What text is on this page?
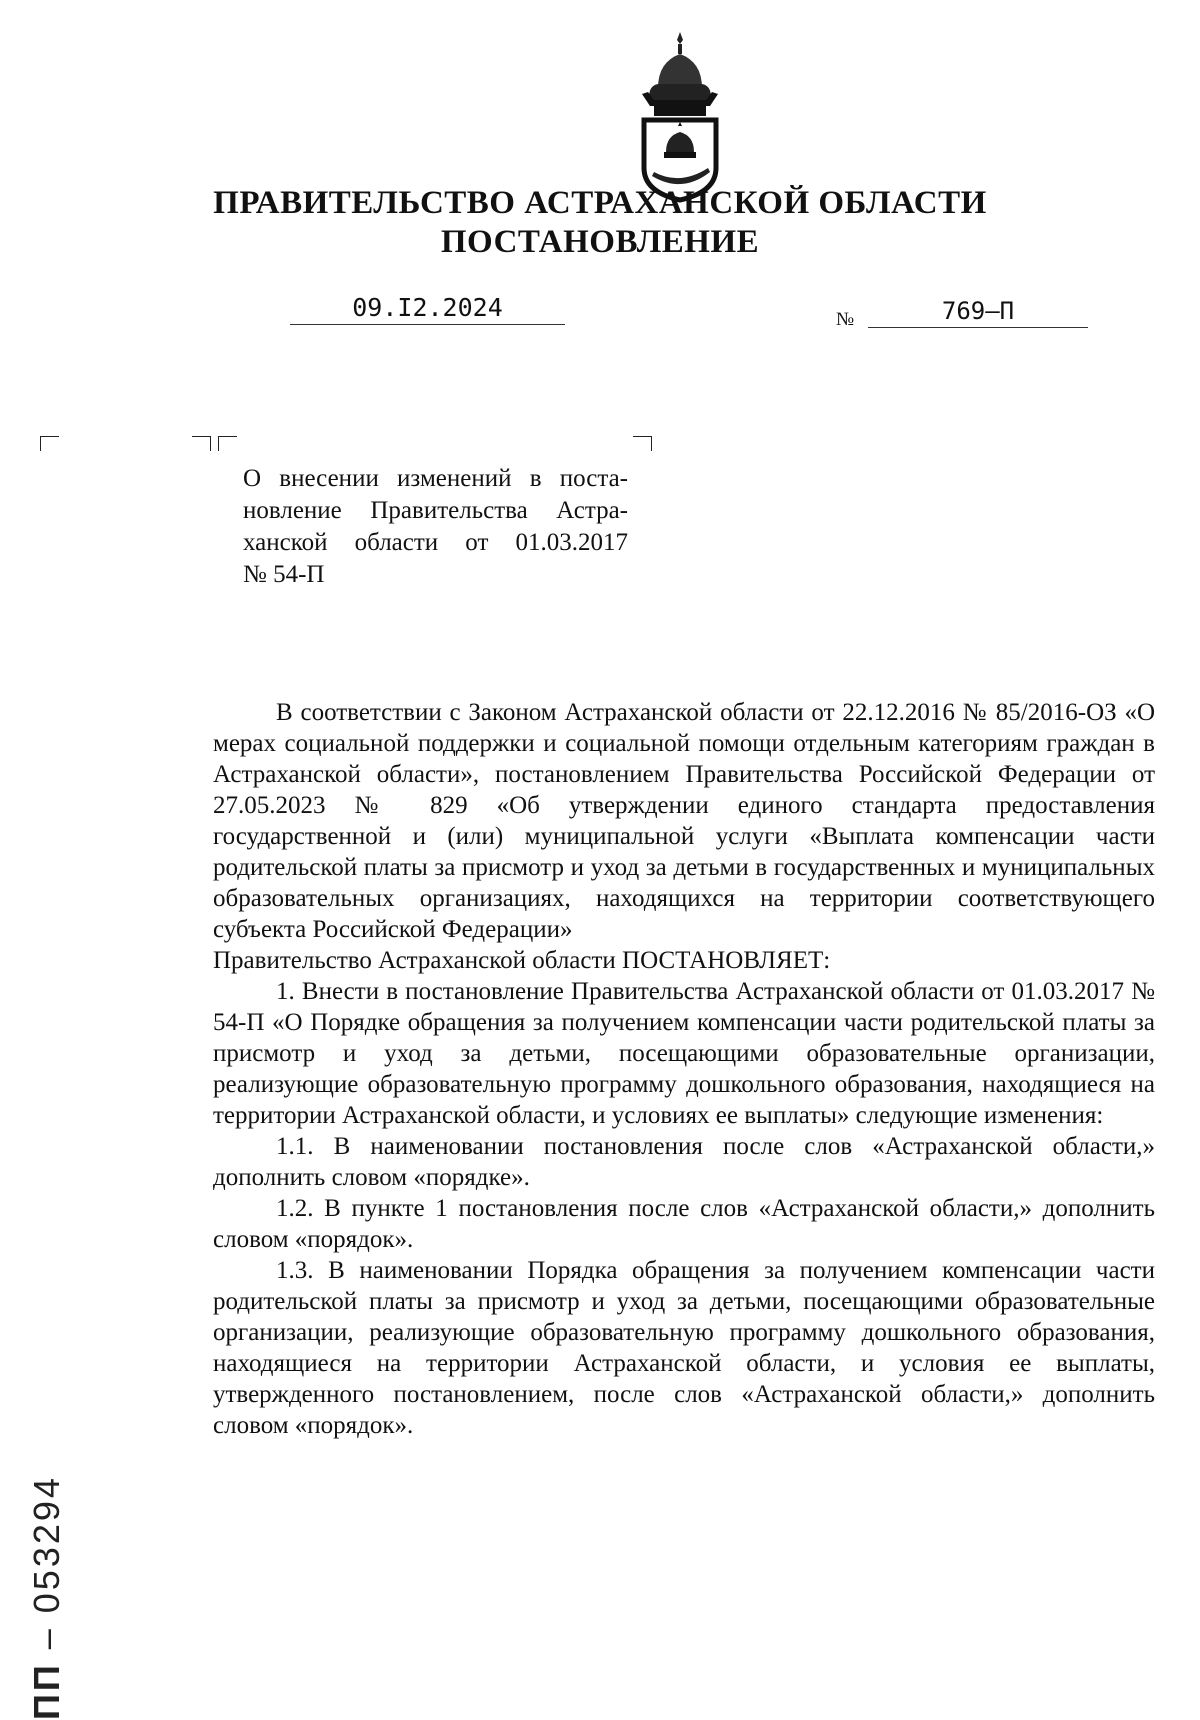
ПРАВИТЕЛЬСТВО АСТРАХАНСКОЙ ОБЛАСТИ
ПОСТАНОВЛЕНИЕ
09.I2.2024	№	769–П
О внесении изменений в поста-
новление Правительства Астра-
ханской области от 01.03.2017

№ 54-П

В соответствии с Законом Астраханской области от 22.12.2016 № 85/2016-ОЗ «О мерах социальной поддержки и социальной помощи отдельным категориям граждан в Астраханской области», постановлением Правительства Российской Федерации от 27.05.2023 № 829 «Об утверждении единого стандарта предоставления государственной и (или) муниципальной услуги «Выплата компенсации части родительской платы за присмотр и уход за детьми в государственных и муниципальных образовательных организациях, находящихся на территории соответствующего субъекта Российской Федерации»

Правительство Астраханской области ПОСТАНОВЛЯЕТ:

1. Внести в постановление Правительства Астраханской области от 01.03.2017 № 54-П «О Порядке обращения за получением компенсации части родительской платы за присмотр и уход за детьми, посещающими образовательные организации, реализующие образовательную программу дошкольного образования, находящиеся на территории Астраханской области, и условиях ее выплаты» следующие изменения:

1.1. В наименовании постановления после слов «Астраханской области,» дополнить словом «порядке».

1.2. В пункте 1 постановления после слов «Астраханской области,» дополнить словом «порядок».

1.3. В наименовании Порядка обращения за получением компенсации части родительской платы за присмотр и уход за детьми, посещающими образовательные организации, реализующие образовательную программу дошкольного образования, находящиеся на территории Астраханской области, и условия ее выплаты, утвержденного постановлением, после слов «Астраханской области,» дополнить словом «порядок».

ПП – 053294
